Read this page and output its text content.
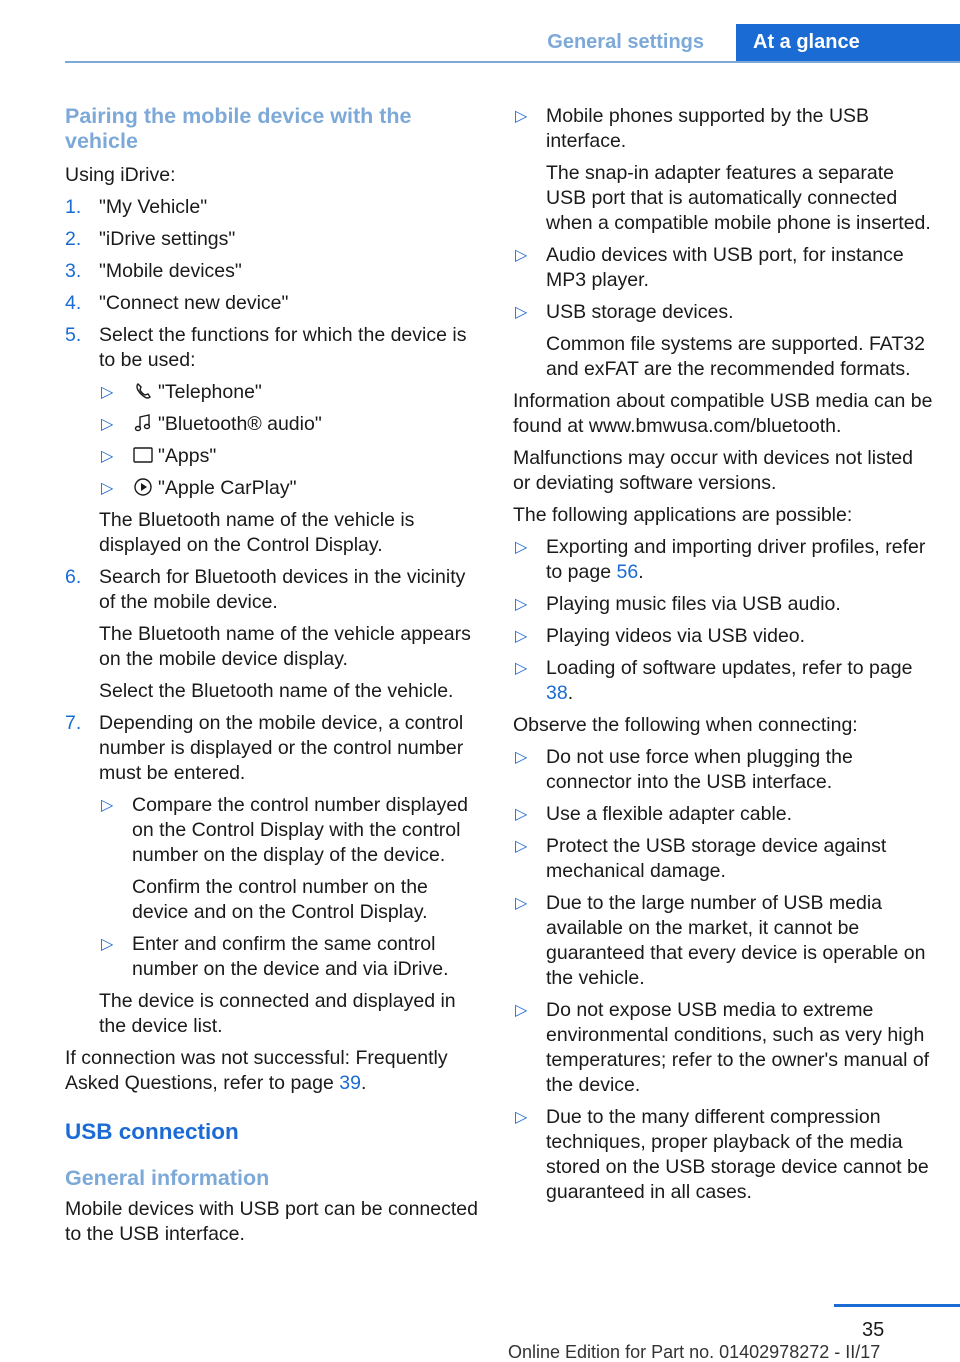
General settings	At a glance
Pairing the mobile device with the vehicle

Using iDrive:

1. "My Vehicle"

2. "iDrive settings"

3. "Mobile devices"

4. "Connect new device"

5. Select the functions for which the device is to be used:

▷	"Telephone"

▷	"Bluetooth® audio"

▷	"Apps"

▷	"Apple CarPlay"

The Bluetooth name of the vehicle is displayed on the Control Display.

6. Search for Bluetooth devices in the vicinity of the mobile device.

The Bluetooth name of the vehicle appears on the mobile device display.

Select the Bluetooth name of the vehicle.

7. Depending on the mobile device, a control number is displayed or the control number must be entered.

▷ Compare the control number displayed on the Control Display with the control number on the display of the device.

Confirm the control number on the device and on the Control Display.

▷ Enter and confirm the same control number on the device and via iDrive.

The device is connected and displayed in the device list.

If connection was not successful: Frequently Asked Questions, refer to page 39.

USB connection
General information

Mobile devices with USB port can be connected to the USB interface.

▷ Mobile phones supported by the USB interface.

The snap-in adapter features a separate USB port that is automatically connected when a compatible mobile phone is inserted.

▷ Audio devices with USB port, for instance MP3 player.

▷ USB storage devices.

Common file systems are supported. FAT32 and exFAT are the recommended formats.

Information about compatible USB media can be found at www.bmwusa.com/bluetooth.

Malfunctions may occur with devices not listed or deviating software versions.

The following applications are possible:

▷ Exporting and importing driver profiles, refer to page 56.

▷ Playing music files via USB audio.

▷ Playing videos via USB video.

▷ Loading of software updates, refer to page 38.

Observe the following when connecting:

▷ Do not use force when plugging the connector into the USB interface.

▷ Use a flexible adapter cable.

▷ Protect the USB storage device against mechanical damage.

▷ Due to the large number of USB media available on the market, it cannot be guaranteed that every device is operable on the vehicle.

▷ Do not expose USB media to extreme environmental conditions, such as very high temperatures; refer to the owner's manual of the device.

▷ Due to the many different compression techniques, proper playback of the media stored on the USB storage device cannot be guaranteed in all cases.

35
Online Edition for Part no. 01402978272 - II/17
